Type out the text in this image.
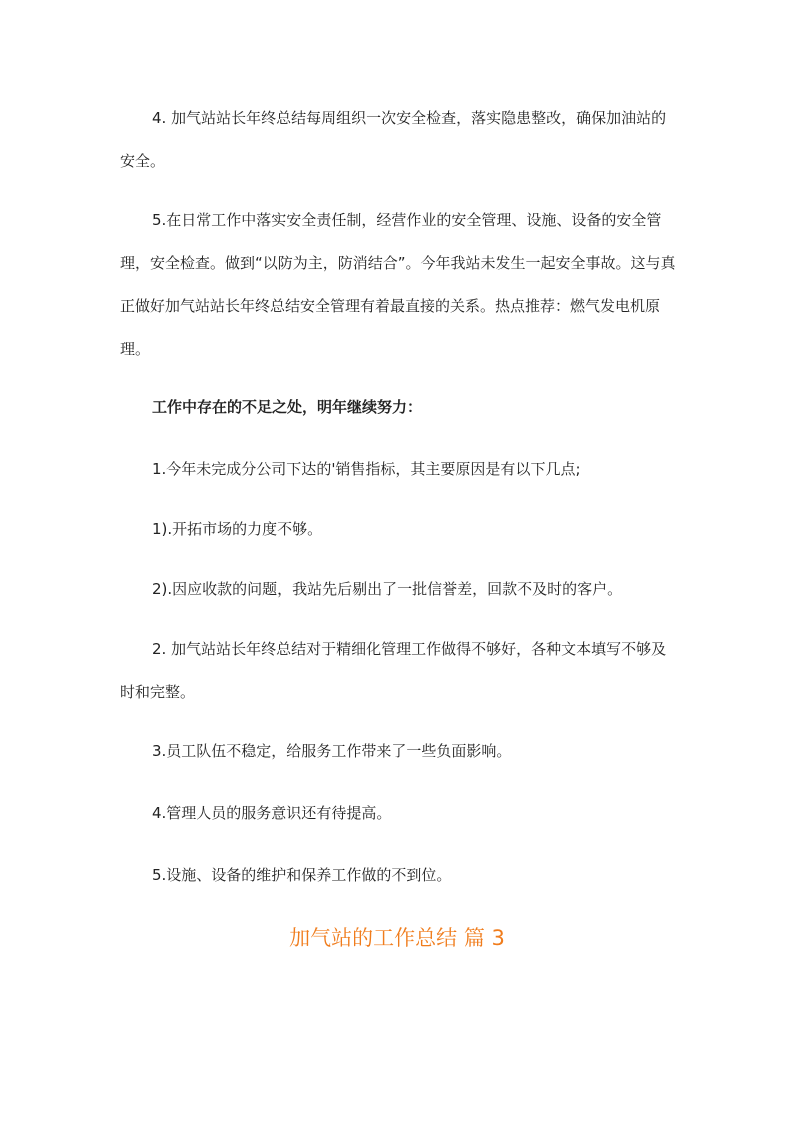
4. 加气站站长年终总结每周组织一次安全检查，落实隐患整改，确保加油站的安全。

5.在日常工作中落实安全责任制，经营作业的安全管理、设施、设备的安全管理，安全检查。做到“以防为主，防消结合”。今年我站未发生一起安全事故。这与真正做好加气站站长年终总结安全管理有着最直接的关系。热点推荐：燃气发电机原理。

工作中存在的不足之处，明年继续努力：

1.今年未完成分公司下达的'销售指标，其主要原因是有以下几点;

1).开拓市场的力度不够。

2).因应收款的问题，我站先后剔出了一批信誉差，回款不及时的客户。

2. 加气站站长年终总结对于精细化管理工作做得不够好，各种文本填写不够及时和完整。

3.员工队伍不稳定，给服务工作带来了一些负面影响。

4.管理人员的服务意识还有待提高。

5.设施、设备的维护和保养工作做的不到位。

加气站的工作总结 篇 3
